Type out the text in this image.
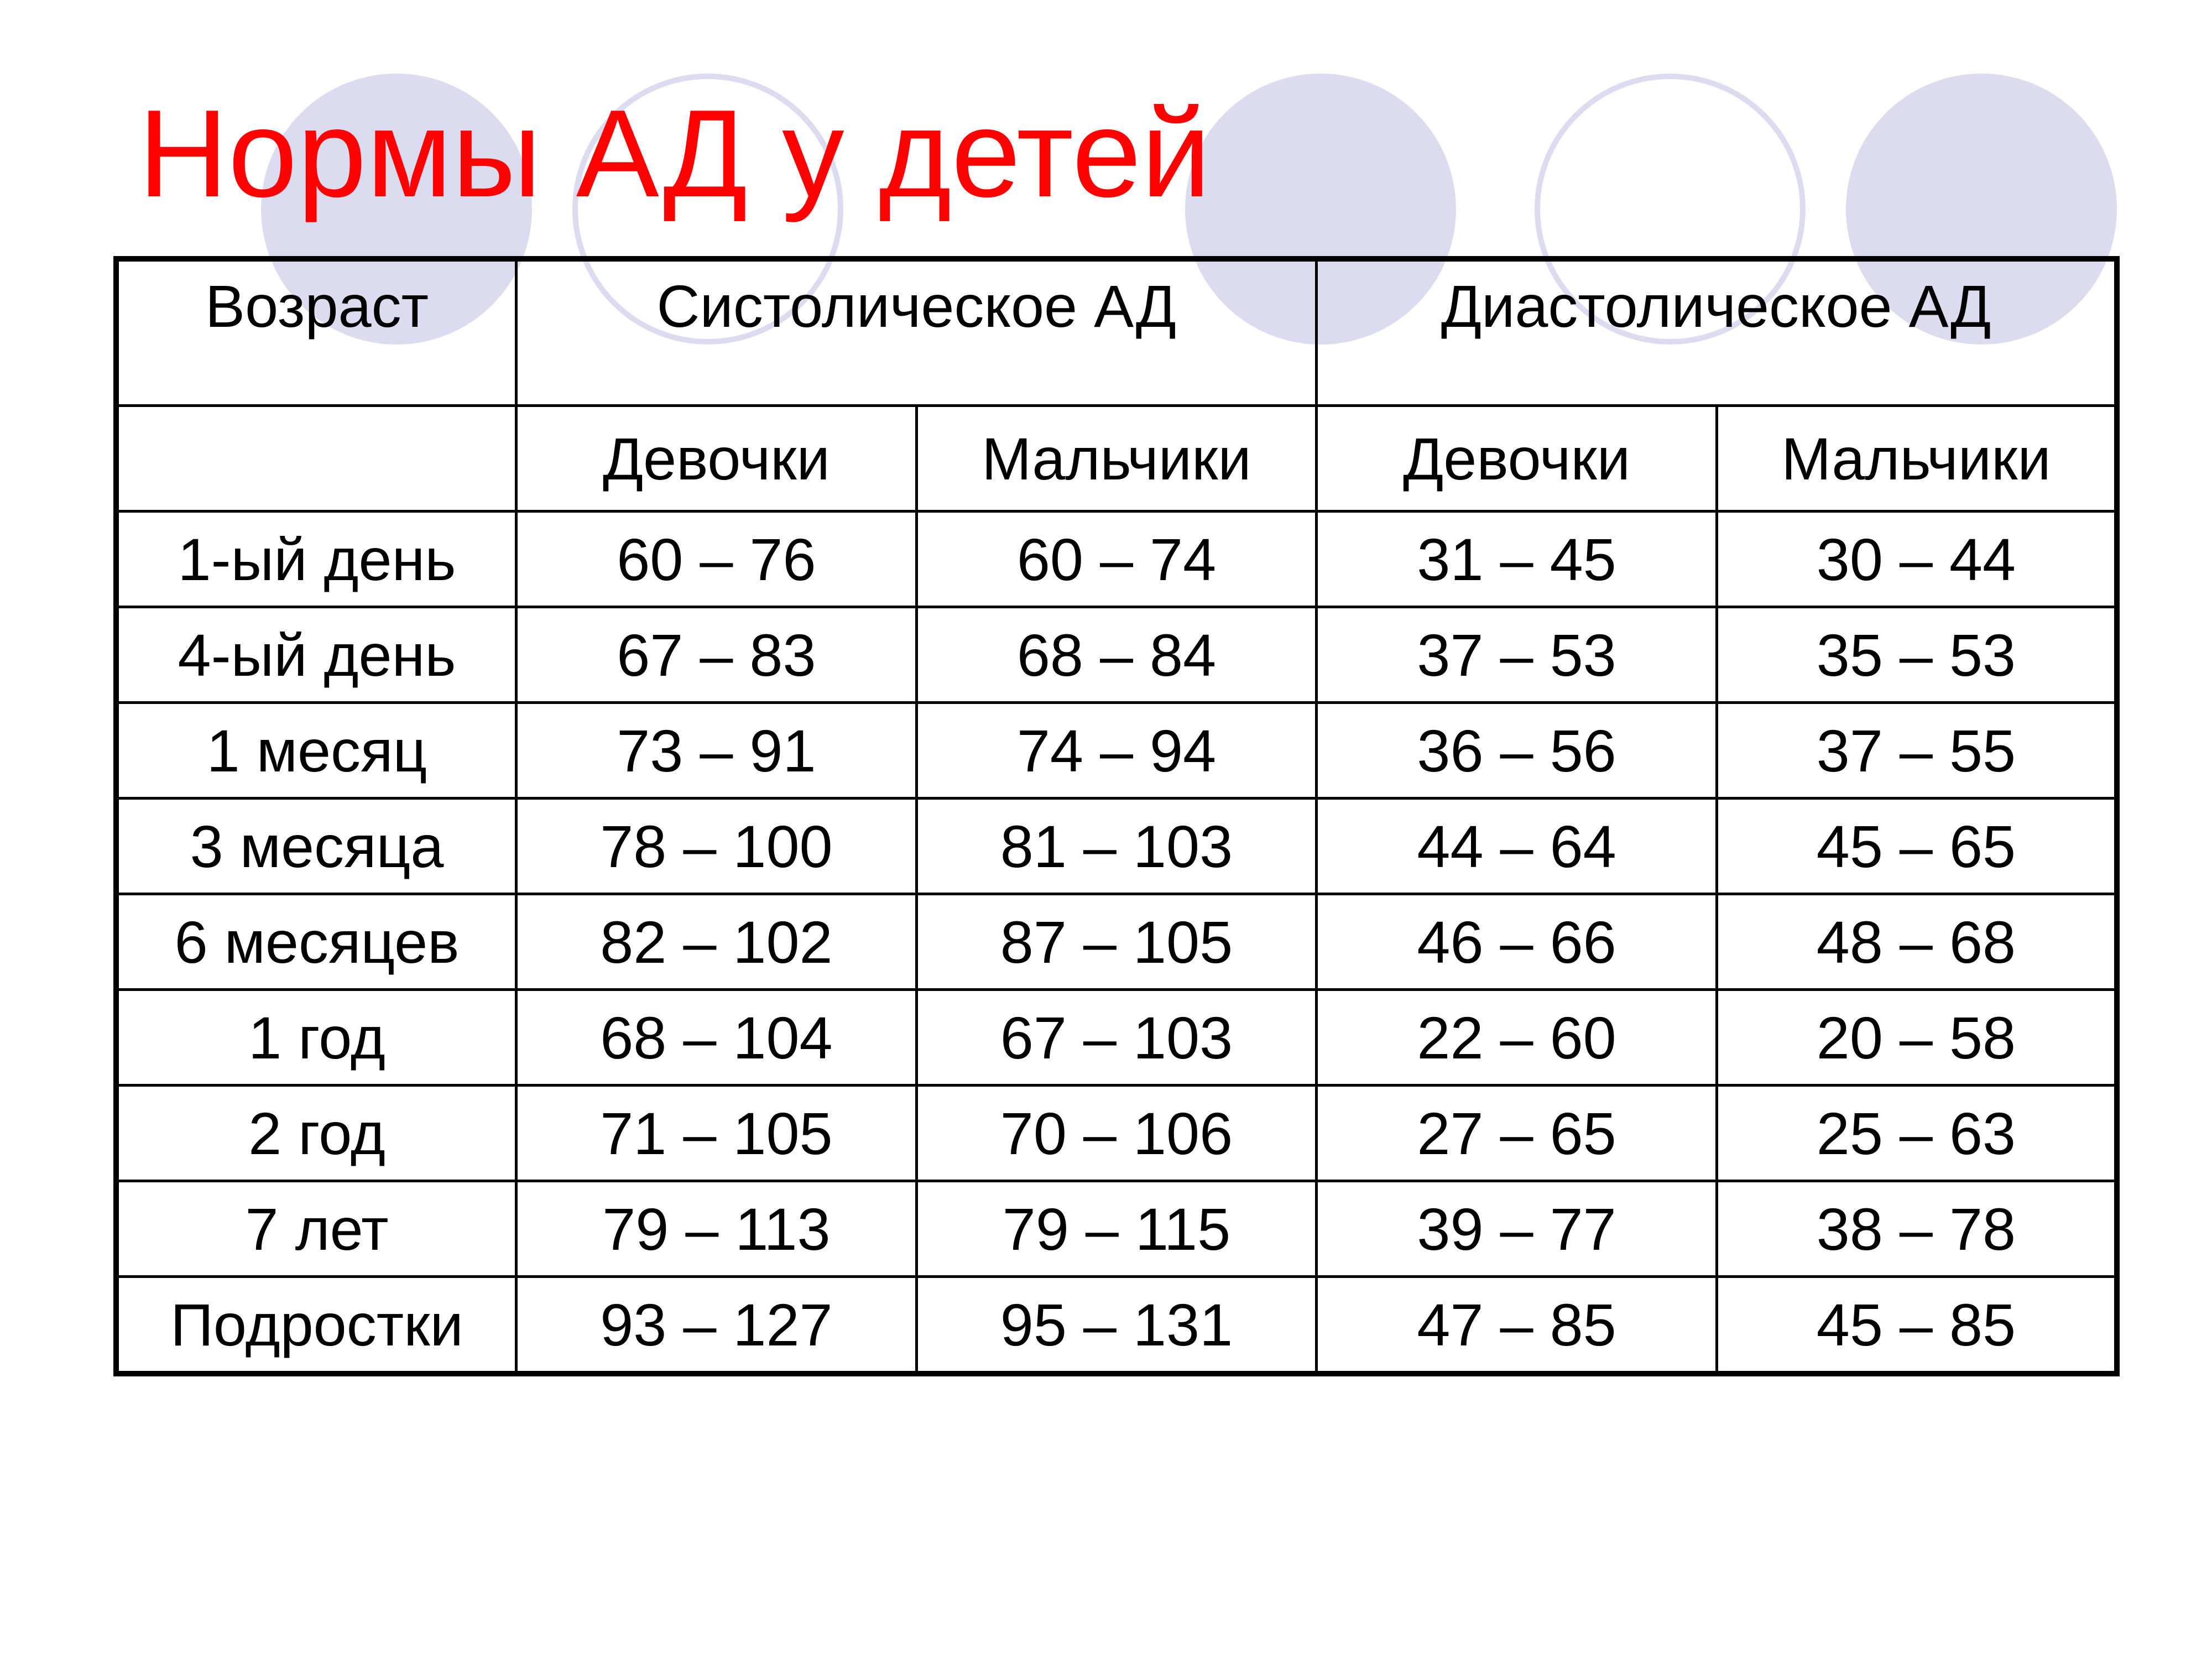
Нормы АД у детей
Возраст	Систолическое АД		Диастолическое АД	
	Девочки	Мальчики	Девочки	Мальчики
1-ый день	60 – 76	60 – 74	31 – 45	30 – 44
4-ый день	67 – 83	68 – 84	37 – 53	35 – 53
1 месяц	73 – 91	74 – 94	36 – 56	37 – 55
3 месяца	78 – 100	81 – 103	44 – 64	45 – 65
6 месяцев	82 – 102	87 – 105	46 – 66	48 – 68
1 год	68 – 104	67 – 103	22 – 60	20 – 58
2 год	71 – 105	70 – 106	27 – 65	25 – 63
7 лет	79 – 113	79 – 115	39 – 77	38 – 78
Подростки	93 – 127	95 – 131	47 – 85	45 – 85
